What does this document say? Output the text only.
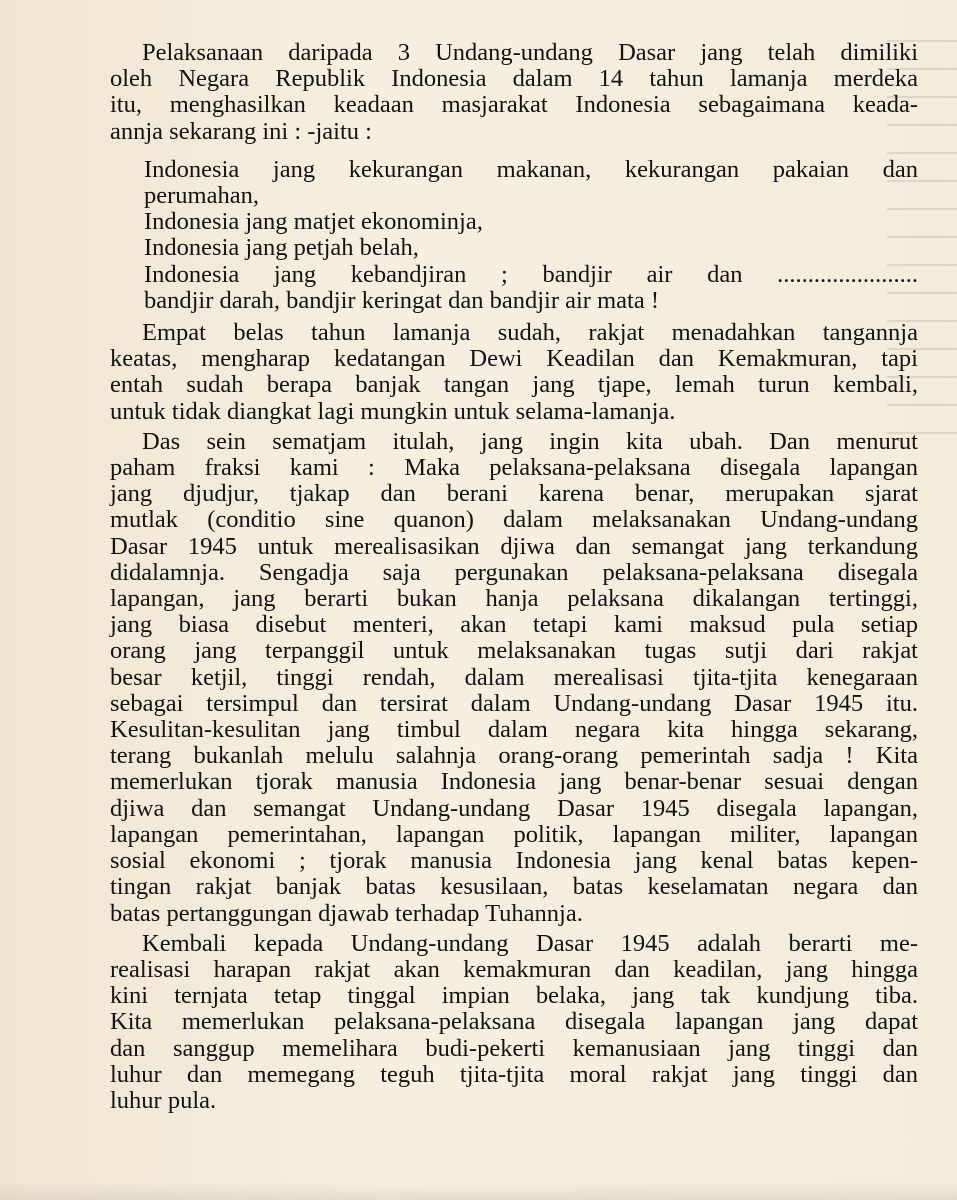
Pelaksanaan daripada 3 Undang-undang Dasar jang telah dimiliki

oleh Negara Republik Indonesia dalam 14 tahun lamanja merdeka

itu, menghasilkan keadaan masjarakat Indonesia sebagaimana keada-

annja sekarang ini : -jaitu :

Indonesia jang kekurangan makanan, kekurangan pakaian dan

perumahan,

Indonesia jang matjet ekonominja,

Indonesia jang petjah belah,

Indonesia jang kebandjiran ; bandjir air dan .......................

bandjir darah, bandjir keringat dan bandjir air mata !

Empat belas tahun lamanja sudah, rakjat menadahkan tangannja

keatas, mengharap kedatangan Dewi Keadilan dan Kemakmuran, tapi

entah sudah berapa banjak tangan jang tjape, lemah turun kembali,

untuk tidak diangkat lagi mungkin untuk selama-lamanja.

Das sein sematjam itulah, jang ingin kita ubah. Dan menurut

paham fraksi kami : Maka pelaksana-pelaksana disegala lapangan

jang djudjur, tjakap dan berani karena benar, merupakan sjarat

mutlak (conditio sine quanon) dalam melaksanakan Undang-undang

Dasar 1945 untuk merealisasikan djiwa dan semangat jang terkandung

didalamnja. Sengadja saja pergunakan pelaksana-pelaksana disegala

lapangan, jang berarti bukan hanja pelaksana dikalangan tertinggi,

jang biasa disebut menteri, akan tetapi kami maksud pula setiap

orang jang terpanggil untuk melaksanakan tugas sutji dari rakjat

besar ketjil, tinggi rendah, dalam merealisasi tjita-tjita kenegaraan

sebagai tersimpul dan tersirat dalam Undang-undang Dasar 1945 itu.

Kesulitan-kesulitan jang timbul dalam negara kita hingga sekarang,

terang bukanlah melulu salahnja orang-orang pemerintah sadja ! Kita

memerlukan tjorak manusia Indonesia jang benar-benar sesuai dengan

djiwa dan semangat Undang-undang Dasar 1945 disegala lapangan,

lapangan pemerintahan, lapangan politik, lapangan militer, lapangan

sosial ekonomi ; tjorak manusia Indonesia jang kenal batas kepen-

tingan rakjat banjak batas kesusilaan, batas keselamatan negara dan

batas pertanggungan djawab terhadap Tuhannja.

Kembali kepada Undang-undang Dasar 1945 adalah berarti me-

realisasi harapan rakjat akan kemakmuran dan keadilan, jang hingga

kini ternjata tetap tinggal impian belaka, jang tak kundjung tiba.

Kita memerlukan pelaksana-pelaksana disegala lapangan jang dapat

dan sanggup memelihara budi-pekerti kemanusiaan jang tinggi dan

luhur dan memegang teguh tjita-tjita moral rakjat jang tinggi dan

luhur pula.
